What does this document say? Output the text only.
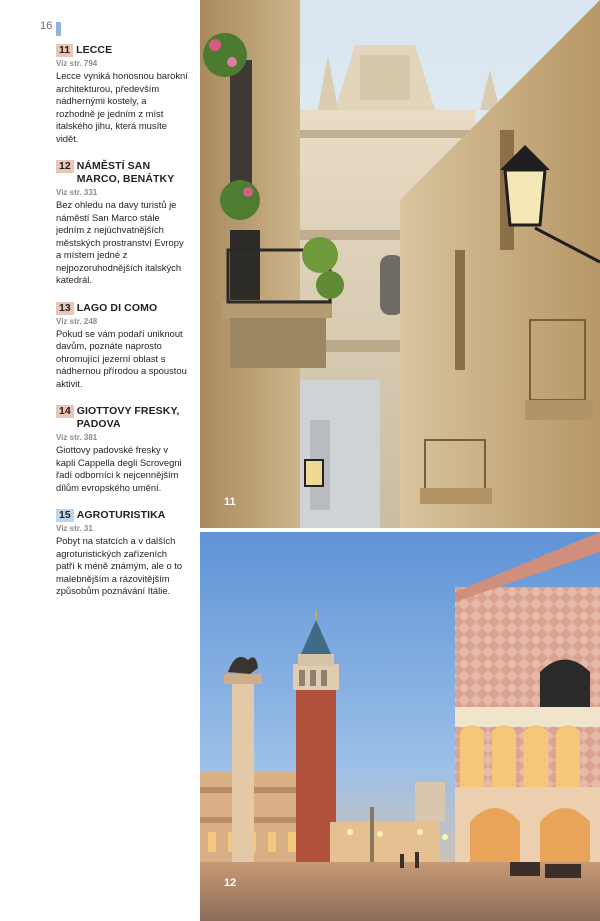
16
11 LECCE
Viz str. 794
Lecce vyniká honosnou barokní architekturou, především nádhernými kostely, a rozhodně je jedním z míst italského jihu, která musíte vidět.
12 NÁMĚSTÍ SAN MARCO, BENÁTKY
Viz str. 331
Bez ohledu na davy turistů je náměstí San Marco stále jedním z nejúchvatnějších městských prostranství Evropy a místem jedné z nejpozoruhodnějších italských katedrál.
13 LAGO DI COMO
Viz str. 248
Pokud se vám podaří uniknout davům, poznáte naprosto ohromující jezerní oblast s nádhernou přírodou a spoustou aktivit.
14 GIOTTOVY FRESKY, PADOVA
Viz str. 381
Giottovy padovské fresky v kapli Cappella degli Scrovegni řadí odborníci k nejcennějším dílům evropského umění.
15 AGROTURISTIKA
Viz str. 31
Pobyt na statcích a v dalších agroturistických zařízeních patří k méně známým, ale o to malebnějším a rázovitějším způsobům poznávání Itálie.
11
12
